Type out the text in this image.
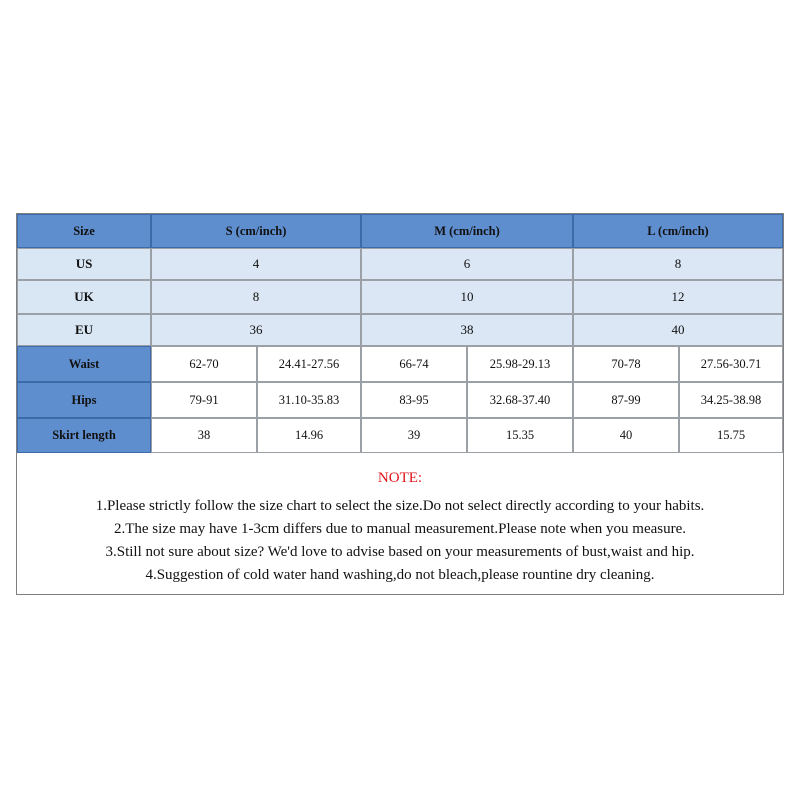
Size	S (cm/inch)	M (cm/inch)	L (cm/inch)
US	4	6	8
UK	8	10	12
EU	36	38	40
Waist	62-70	24.41-27.56	66-74	25.98-29.13	70-78	27.56-30.71
Hips	79-91	31.10-35.83	83-95	32.68-37.40	87-99	34.25-38.98
Skirt length	38	14.96	39	15.35	40	15.75
NOTE:
1.Please strictly follow the size chart to select the size.Do not select directly according to your habits.
2.The size may have 1-3cm differs due to manual measurement.Please note when you measure.
3.Still not sure about size? We'd love to advise based on your measurements of bust,waist and hip.
4.Suggestion of cold water hand washing,do not bleach,please rountine dry cleaning.
